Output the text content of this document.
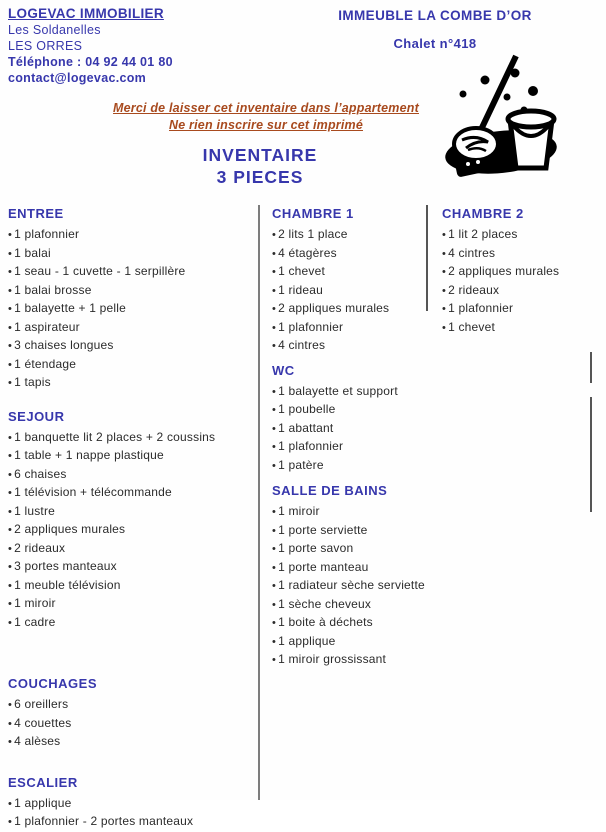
LOGEVAC IMMOBILIER
Les Soldanelles
LES ORRES
Téléphone : 04 92 44 01 80
contact@logevac.com
IMMEUBLE LA COMBE D’OR
Chalet n°418
Merci de laisser cet inventaire dans l’appartement
Ne rien inscrire sur cet imprimé
INVENTAIRE
3 PIECES
ENTREE
• 1 plafonnier
• 1 balai
• 1 seau - 1 cuvette - 1 serpillère
• 1 balai brosse
• 1 balayette + 1 pelle
• 1 aspirateur
• 3 chaises longues
• 1 étendage
• 1 tapis
SEJOUR
• 1 banquette lit 2 places + 2 coussins
• 1 table + 1 nappe plastique
• 6 chaises
• 1 télévision + télécommande
• 1 lustre
• 2 appliques murales
• 2 rideaux
• 3 portes manteaux
• 1 meuble télévision
• 1 miroir
• 1 cadre
COUCHAGES
• 6 oreillers
• 4 couettes
• 4 alèses
ESCALIER
• 1 applique
• 1 plafonnier - 2 portes manteaux
CHAMBRE 1
• 2 lits 1 place
• 4 étagères
• 1 chevet
• 1 rideau
• 2 appliques murales
• 1 plafonnier
• 4 cintres
WC
• 1 balayette et support
• 1 poubelle
• 1 abattant
• 1 plafonnier
• 1 patère
SALLE DE BAINS
• 1 miroir
• 1 porte serviette
• 1 porte savon
• 1 porte manteau
• 1 radiateur sèche serviette
• 1 sèche cheveux
• 1 boite à déchets
• 1 applique
• 1 miroir grossissant
CHAMBRE 2
• 1 lit 2 places
• 4 cintres
• 2 appliques murales
• 2 rideaux
• 1 plafonnier
• 1 chevet
